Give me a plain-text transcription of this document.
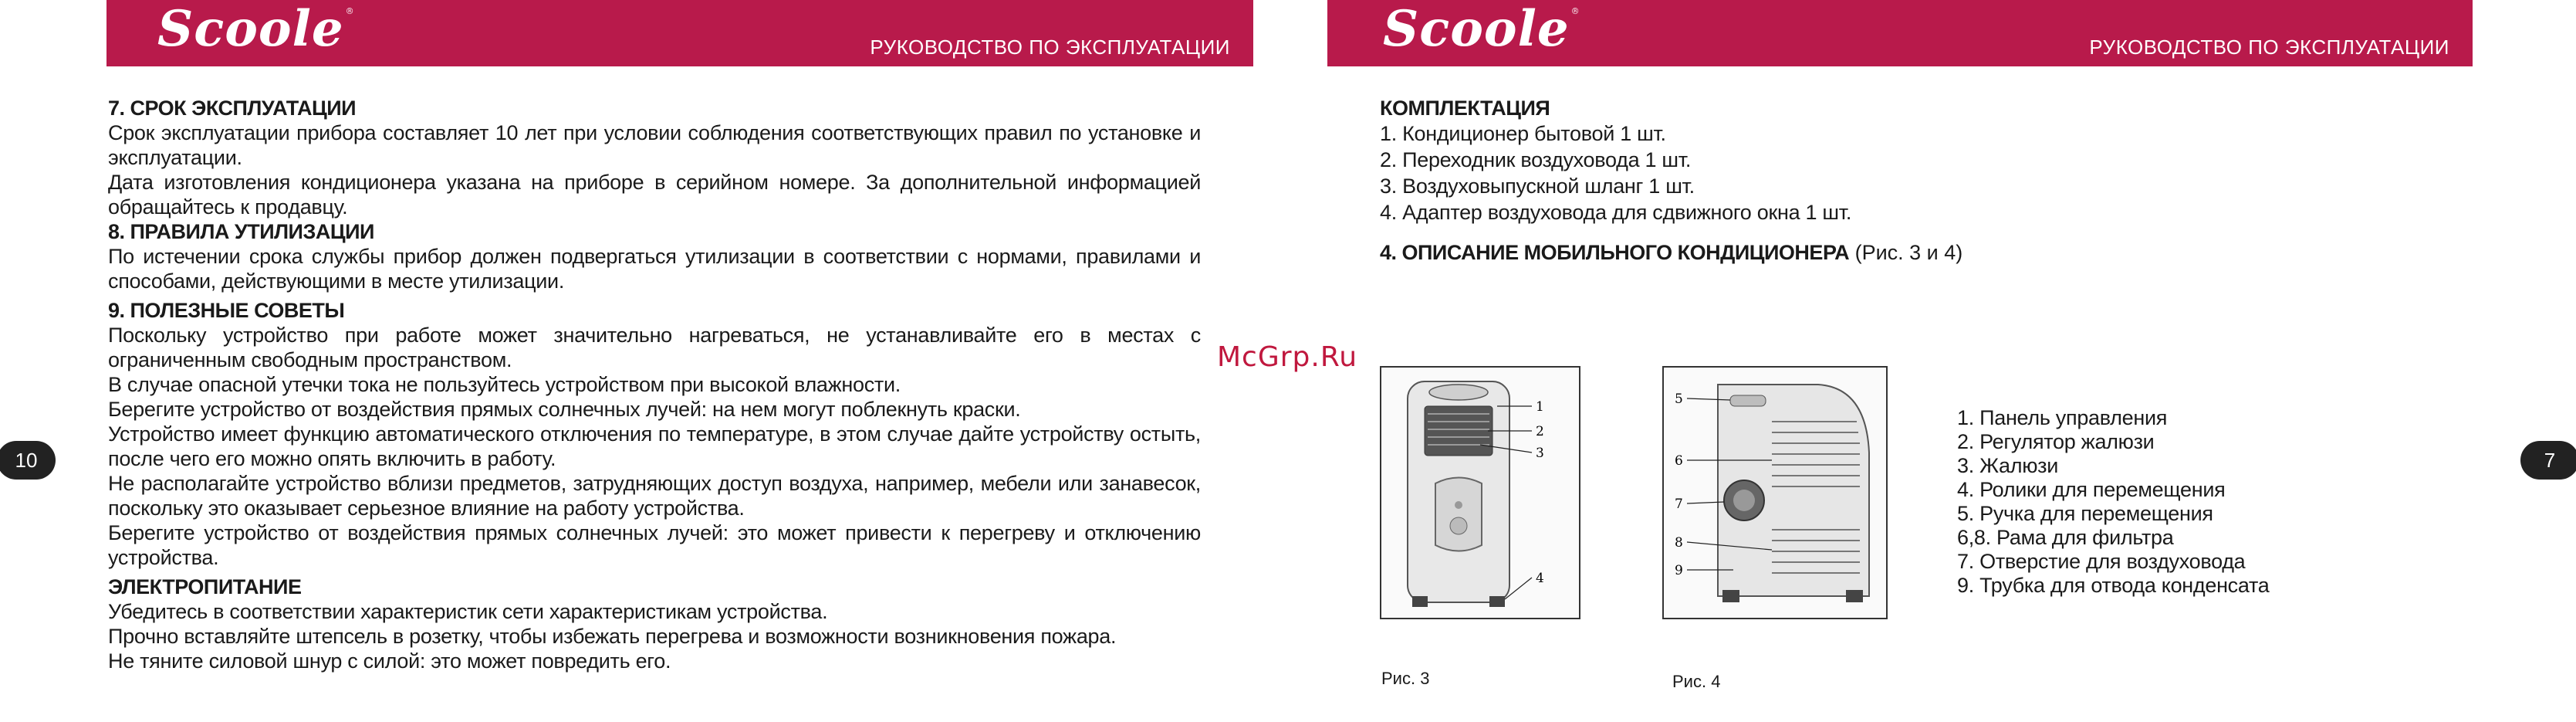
Scoole ®
РУКОВОДСТВО ПО ЭКСПЛУАТАЦИИ	Scoole ®
РУКОВОДСТВО ПО ЭКСПЛУАТАЦИИ

7. СРОК ЭКСПЛУАТАЦИИ

Срок эксплуатации прибора составляет 10 лет при условии соблюдения соответствующих правил по установке и эксплуатации.

Дата изготовления кондиционера указана на приборе в серийном номере. За дополнительной информацией обращайтесь к продавцу.

8. ПРАВИЛА УТИЛИЗАЦИИ

По истечении срока службы прибор должен подвергаться утилизации в соответствии с нормами, правилами и способами, действующими в месте утилизации.

9. ПОЛЕЗНЫЕ СОВЕТЫ

Поскольку устройство при работе может значительно нагреваться, не устанавливайте его в местах с ограниченным свободным пространством.

В случае опасной утечки тока не пользуйтесь устройством при высокой влажности.

Берегите устройство от воздействия прямых солнечных лучей: на нем могут поблекнуть краски.

Устройство имеет функцию автоматического отключения по температуре, в этом случае дайте устройству остыть, после чего его можно опять включить в работу.

Не располагайте устройство вблизи предметов, затрудняющих доступ воздуха, например, мебели или занавесок, поскольку это оказывает серьезное влияние на работу устройства.

Берегите устройство от воздействия прямых солнечных лучей: это может привести к перегреву и отключению устройства.

ЭЛЕКТРОПИТАНИЕ

Убедитесь в соответствии характеристик сети характеристикам устройства.

Прочно вставляйте штепсель в розетку, чтобы избежать перегрева и возможности возникновения пожара.

Не тяните силовой шнур с силой: это может повредить его.

10	7
McGrp.Ru

КОМПЛЕКТАЦИЯ

1. Кондиционер бытовой 1 шт.

2. Переходник воздуховода 1 шт.

3. Воздуховыпускной шланг 1 шт.

4. Адаптер воздуховода для сдвижного окна 1 шт.

4. ОПИСАНИЕ МОБИЛЬНОГО КОНДИЦИОНЕРА (Рис. 3 и 4)

1
2
3
4
Рис. 3
5
6
7
8
9
Рис. 4
1. Панель управления
2. Регулятор жалюзи
3. Жалюзи
4. Ролики для перемещения
5. Ручка для перемещения
6,8. Рама для фильтра
7. Отверстие для воздуховода
9. Трубка для отвода конденсата
